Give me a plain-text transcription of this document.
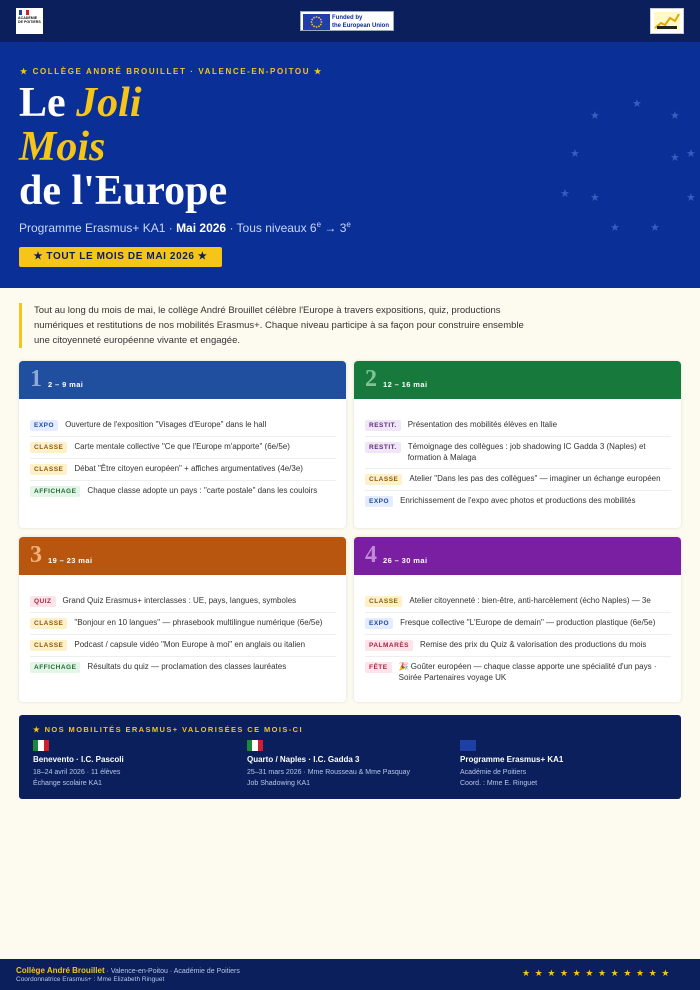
ACADÉMIE DE POITIERS
Funded by
the European Union
★ COLLÈGE ANDRÉ BROUILLET · VALENCE-EN-POITOU ★
Le Joli
Mois
de l'Europe
Programme Erasmus+ KA1 · Mai 2026 · Tous niveaux $6^e \to 3^e$
★ TOUT LE MOIS DE MAI 2026 ★
★
★
★
★	★
★	★
★	★
★
★
Tout au long du mois de mai, le collège André Brouillet célèbre l'Europe à travers expositions, quiz, productions numériques et restitutions de nos mobilités Erasmus+. Chaque niveau participe à sa façon pour construire ensemble une citoyenneté européenne vivante et engagée.
1 2 – 9 mai
EXPO	Ouverture de l'exposition "Visages d'Europe" dans le hall
CLASSE	Carte mentale collective "Ce que l'Europe m'apporte" (6e/5e)
CLASSE	Débat "Être citoyen européen" + affiches argumentatives (4e/3e)
AFFICHAGE	Chaque classe adopte un pays : "carte postale" dans les couloirs
2 12 – 16 mai
RESTIT.	Présentation des mobilités élèves en Italie
RESTIT.	Témoignage des collègues : job shadowing IC Gadda 3 (Naples) et formation à Malaga
CLASSE	Atelier "Dans les pas des collègues" — imaginer un échange européen
EXPO	Enrichissement de l'expo avec photos et productions des mobilités
3 19 – 23 mai
QUIZ	Grand Quiz Erasmus+ interclasses : UE, pays, langues, symboles
CLASSE	"Bonjour en 10 langues" — phrasebook multilingue numérique (6e/5e)
CLASSE	Podcast / capsule vidéo "Mon Europe à moi" en anglais ou italien
AFFICHAGE	Résultats du quiz — proclamation des classes lauréates
4 26 – 30 mai
CLASSE	Atelier citoyenneté : bien-être, anti-harcèlement (écho Naples) — 3e
EXPO	Fresque collective "L'Europe de demain" — production plastique (6e/5e)
PALMARÈS	Remise des prix du Quiz & valorisation des productions du mois
FÊTE	🎉 Goûter européen — chaque classe apporte une spécialité d'un pays · Soirée Partenaires voyage UK
★ NOS MOBILITÉS ERASMUS+ VALORISÉES CE MOIS-CI
Benevento · I.C. Pascoli
18–24 avril 2026 · 11 élèves
Échange scolaire KA1
Quarto / Naples · I.C. Gadda 3
25–31 mars 2026 · Mme Rousseau & Mme Pasquay
Job Shadowing KA1
Programme Erasmus+ KA1
Académie de Poitiers
Coord. : Mme E. Ringuet
Collège André Brouillet · Valence-en-Poitou · Académie de Poitiers
Coordonnatrice Erasmus+ : Mme Elizabeth Ringuet
★★★★★★★★★★★★
